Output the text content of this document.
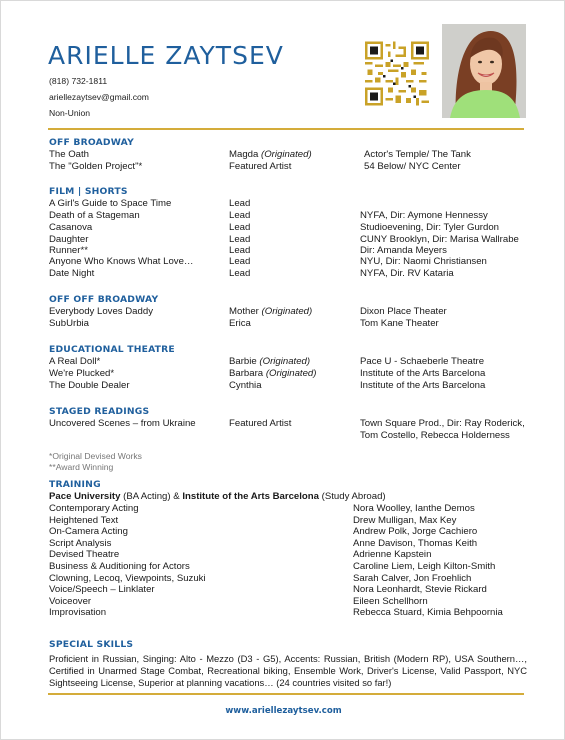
ARIELLE ZAYTSEV
(818) 732-1811
ariellezaytsev@gmail.com
Non-Union
OFF BROADWAY
The Oath	Magda (Originated)	Actor's Temple/ The Tank
The "Golden Project"*	Featured Artist	54 Below/ NYC Center
FILM | SHORTS
A Girl's Guide to Space Time	Lead
Death of a Stageman	Lead	NYFA, Dir: Aymone Hennessy
Casanova	Lead	Studioevening, Dir: Tyler Gurdon
Daughter	Lead	CUNY Brooklyn, Dir: Marisa Wallrabe
Runner**	Lead	Dir: Amanda Meyers
Anyone Who Knows What Love…	Lead	NYU, Dir: Naomi Christiansen
Date Night	Lead	NYFA, Dir. RV Kataria
OFF OFF BROADWAY
Everybody Loves Daddy	Mother (Originated)	Dixon Place Theater
SubUrbia	Erica	Tom Kane Theater
EDUCATIONAL THEATRE
A Real Doll*	Barbie (Originated)	Pace U - Schaeberle Theatre
We're Plucked*	Barbara (Originated)	Institute of the Arts Barcelona
The Double Dealer	Cynthia	Institute of the Arts Barcelona
STAGED READINGS
Uncovered Scenes – from Ukraine	Featured Artist	Town Square Prod., Dir: Ray Roderick,
Tom Costello, Rebecca Holderness
*Original Devised Works
**Award Winning
TRAINING
Pace University (BA Acting) & Institute of the Arts Barcelona (Study Abroad)
Contemporary Acting	Nora Woolley, Ianthe Demos
Heightened Text	Drew Mulligan, Max Key
On-Camera Acting	Andrew Polk, Jorge Cachiero
Script Analysis	Anne Davison, Thomas Keith
Devised Theatre	Adrienne Kapstein
Business & Auditioning for Actors	Caroline Liem, Leigh Kilton-Smith
Clowning, Lecoq, Viewpoints, Suzuki	Sarah Calver, Jon Froehlich
Voice/Speech – Linklater	Nora Leonhardt, Stevie Rickard
Voiceover	Eileen Schellhorn
Improvisation	Rebecca Stuard, Kimia Behpoornia
SPECIAL SKILLS
Proficient in Russian, Singing: Alto - Mezzo (D3 - G5), Accents: Russian, British (Modern RP), USA Southern…, Certified in Unarmed Stage Combat, Recreational biking, Ensemble Work, Driver's License, Valid Passport, NYC Sightseeing License, Superior at planning vacations… (24 countries visited so far!)
www.ariellezaytsev.com
